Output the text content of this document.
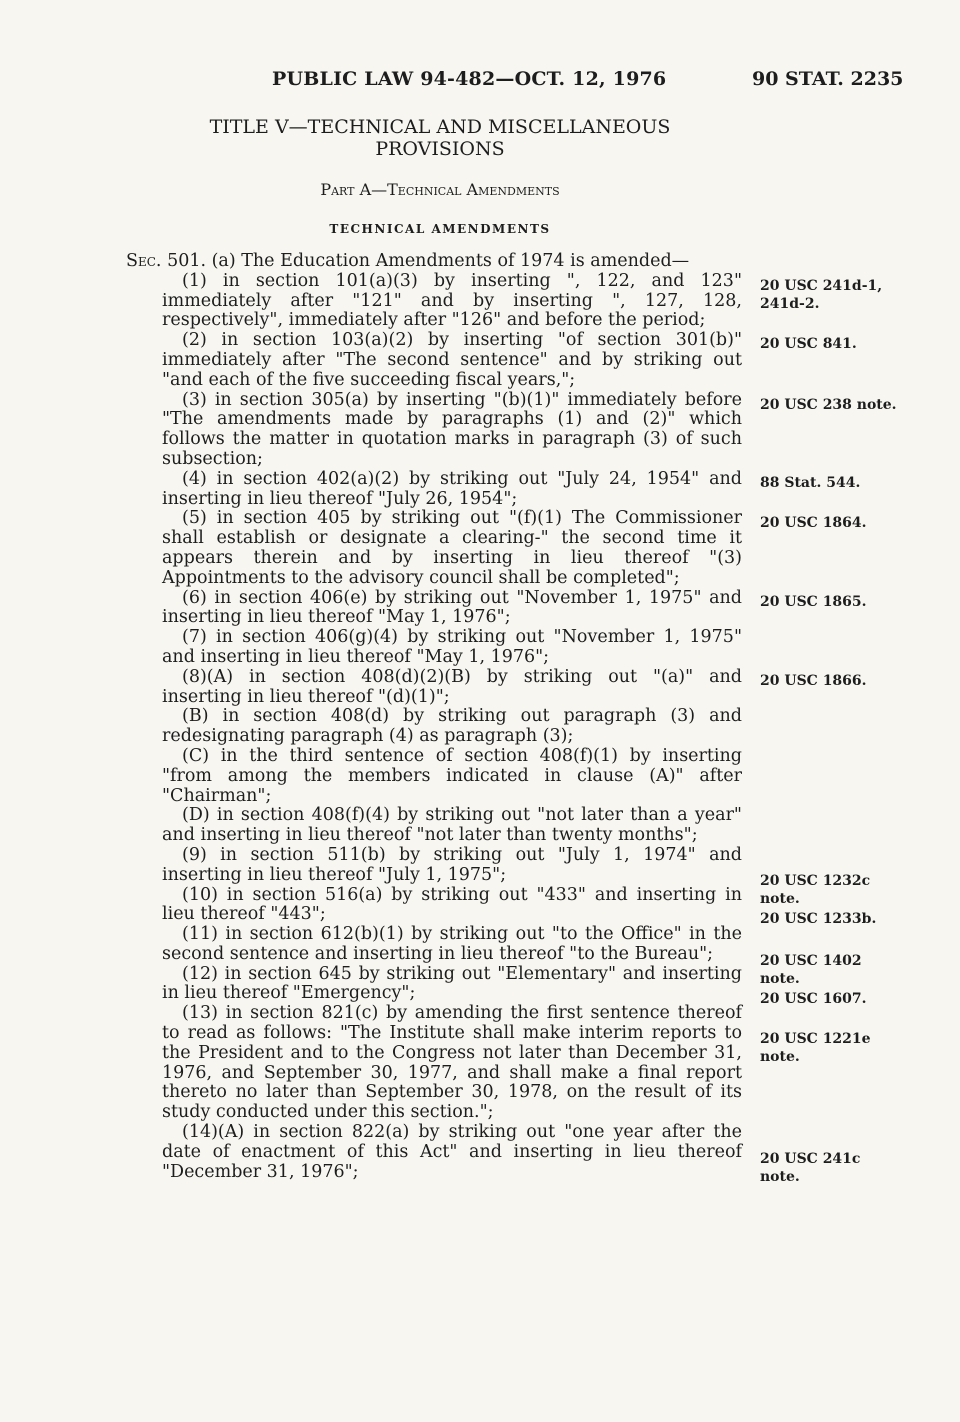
PUBLIC LAW 94-482—OCT. 12, 1976	90 STAT. 2235
TITLE V—TECHNICAL AND MISCELLANEOUS
PROVISIONS
Part A—Technical Amendments
TECHNICAL AMENDMENTS

Sec. 501. (a) The Education Amendments of 1974 is amended—

(1) in section 101(a)(3) by inserting ", 122, and 123" immediately after "121" and by inserting ", 127, 128, respectively", immediately after "126" and before the period;

(2) in section 103(a)(2) by inserting "of section 301(b)" immediately after "The second sentence" and by striking out "and each of the five succeeding fiscal years,";

(3) in section 305(a) by inserting "(b)(1)" immediately before "The amendments made by paragraphs (1) and (2)" which follows the matter in quotation marks in paragraph (3) of such subsection;

(4) in section 402(a)(2) by striking out "July 24, 1954" and inserting in lieu thereof "July 26, 1954";

(5) in section 405 by striking out "(f)(1) The Commissioner shall establish or designate a clearing-" the second time it appears therein and by inserting in lieu thereof "(3) Appointments to the advisory council shall be completed";

(6) in section 406(e) by striking out "November 1, 1975" and inserting in lieu thereof "May 1, 1976";

(7) in section 406(g)(4) by striking out "November 1, 1975" and inserting in lieu thereof "May 1, 1976";

(8)(A) in section 408(d)(2)(B) by striking out "(a)" and inserting in lieu thereof "(d)(1)";

(B) in section 408(d) by striking out paragraph (3) and redesignating paragraph (4) as paragraph (3);

(C) in the third sentence of section 408(f)(1) by inserting "from among the members indicated in clause (A)" after "Chairman";

(D) in section 408(f)(4) by striking out "not later than a year" and inserting in lieu thereof "not later than twenty months";

(9) in section 511(b) by striking out "July 1, 1974" and inserting in lieu thereof "July 1, 1975";

(10) in section 516(a) by striking out "433" and inserting in lieu thereof "443";

(11) in section 612(b)(1) by striking out "to the Office" in the second sentence and inserting in lieu thereof "to the Bureau";

(12) in section 645 by striking out "Elementary" and inserting in lieu thereof "Emergency";

(13) in section 821(c) by amending the first sentence thereof to read as follows: "The Institute shall make interim reports to the President and to the Congress not later than December 31, 1976, and September 30, 1977, and shall make a final report thereto no later than September 30, 1978, on the result of its study conducted under this section.";

(14)(A) in section 822(a) by striking out "one year after the date of enactment of this Act" and inserting in lieu thereof "December 31, 1976";

20 USC 241d-1,
241d-2.
20 USC 841.
20 USC 238 note.
88 Stat. 544.
20 USC 1864.
20 USC 1865.
20 USC 1866.
20 USC 1232c
note.
20 USC 1233b.
20 USC 1402
note.
20 USC 1607.
20 USC 1221e
note.
20 USC 241c
note.
